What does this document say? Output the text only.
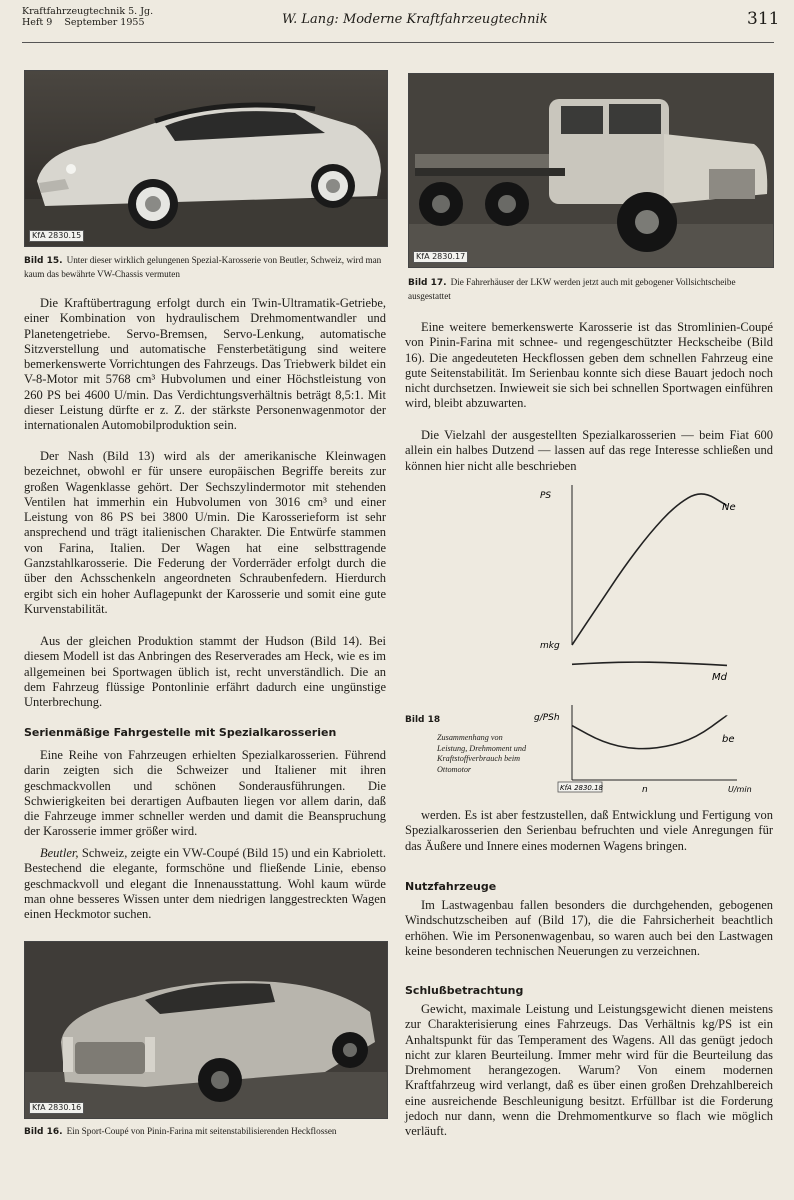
Kraftfahrzeugtechnik 5. Jg.
Heft 9    September 1955	W. Lang: Moderne Kraftfahrzeugtechnik	311
KfA 2830.15
Bild 15. Unter dieser wirklich gelungenen Spezial-Karosserie von Beutler, Schweiz, wird man kaum das bewährte VW-Chassis vermuten
KfA 2830.17
Bild 17. Die Fahrerhäuser der LKW werden jetzt auch mit gebogener Vollsichtscheibe ausgestattet

Die Kraftübertragung erfolgt durch ein Twin-Ultramatik-Getriebe, einer Kombination von hydraulischem Drehmomentwandler und Planetengetriebe. Servo-Bremsen, Servo-Lenkung, automatische Sitzverstellung und automatische Fensterbetätigung sind weitere bemerkenswerte Vorrichtungen des Fahrzeugs. Das Triebwerk bildet ein V-8-Motor mit 5768 cm³ Hubvolumen und einer Höchstleistung von 260 PS bei 4600 U/min. Das Verdichtungsverhältnis beträgt 8,5:1. Mit dieser Leistung dürfte er z. Z. der stärkste Personenwagenmotor der internationalen Automobilproduktion sein.

Der Nash (Bild 13) wird als der amerikanische Kleinwagen bezeichnet, obwohl er für unsere europäischen Begriffe bereits zur großen Wagenklasse gehört. Der Sechszylindermotor mit stehenden Ventilen hat immerhin ein Hubvolumen von 3016 cm³ und einer Leistung von 86 PS bei 3800 U/min. Die Karosserieform ist sehr ansprechend und trägt italienischen Charakter. Die Entwürfe stammen von Farina, Italien. Der Wagen hat eine selbsttragende Ganzstahlkarosserie. Die Federung der Vorderräder erfolgt durch die über den Achsschenkeln angeordneten Schraubenfedern. Hierdurch ergibt sich ein hoher Auflagepunkt der Karosserie und somit eine gute Kurvenstabilität.

Aus der gleichen Produktion stammt der Hudson (Bild 14). Bei diesem Modell ist das Anbringen des Reserverades am Heck, wie es im allgemeinen bei Sportwagen üblich ist, recht unverständlich. Die an dem Fahrzeug flüssige Pontonlinie erfährt dadurch eine ungünstige Unterbrechung.

Serienmäßige Fahrgestelle mit Spezialkarosserien

Eine Reihe von Fahrzeugen erhielten Spezialkarosserien. Führend darin zeigten sich die Schweizer und Italiener mit ihren geschmackvollen und schönen Sonderausführungen. Die Schwierigkeiten bei derartigen Aufbauten liegen vor allem darin, daß die Fahrzeuge immer schneller werden und damit die Beanspruchung der Karosserie immer größer wird.

Beutler, Schweiz, zeigte ein VW-Coupé (Bild 15) und ein Kabriolett. Bestechend die elegante, formschöne und fließende Linie, ebenso geschmackvoll und elegant die Innenausstattung. Wohl kaum würde man ohne besseres Wissen unter dem niedrigen langgestreckten Wagen einen Heckmotor suchen.

KfA 2830.16
Bild 16. Ein Sport-Coupé von Pinin-Farina mit seitenstabilisierenden Heckflossen

Eine weitere bemerkenswerte Karosserie ist das Stromlinien-Coupé von Pinin-Farina mit schnee- und regengeschützter Heckscheibe (Bild 16). Die angedeuteten Heckflossen geben dem schnellen Fahrzeug eine gute Seitenstabilität. Im Serienbau konnte sich diese Bauart jedoch noch nicht durchsetzen. Inwieweit sie sich bei schnellen Sportwagen einführen wird, bleibt abzuwarten.

Die Vielzahl der ausgestellten Spezialkarosserien — beim Fiat 600 allein ein halbes Dutzend — lassen auf das rege Interesse schließen und können hier nicht alle beschrieben

PS
Ne
mkg
Md
g/PSh
be
n	U/min
KfA 2830.18
Bild 18
Zusammenhang von Leistung, Drehmoment und Kraftstoffverbrauch beim Ottomotor

werden. Es ist aber festzustellen, daß Entwicklung und Fertigung von Spezialkarosserien den Serienbau befruchten und viele Anregungen für das Äußere und Innere eines modernen Wagens bringen.

Nutzfahrzeuge

Im Lastwagenbau fallen besonders die durchgehenden, gebogenen Windschutzscheiben auf (Bild 17), die die Fahrsicherheit beachtlich erhöhen. Wie im Personenwagenbau, so waren auch bei den Lastwagen keine besonderen technischen Neuerungen zu verzeichnen.

Schlußbetrachtung

Gewicht, maximale Leistung und Leistungsgewicht dienen meistens zur Charakterisierung eines Fahrzeugs. Das Verhältnis kg/PS ist ein Anhaltspunkt für das Temperament des Wagens. All das genügt jedoch nicht zur klaren Beurteilung. Immer mehr wird für die Beurteilung das Drehmoment herangezogen. Warum? Von einem modernen Kraftfahrzeug wird verlangt, daß es über einen großen Drehzahlbereich eine ausreichende Beschleunigung besitzt. Erfüllbar ist die Forderung jedoch nur dann, wenn die Drehmomentkurve so flach wie möglich verläuft.
